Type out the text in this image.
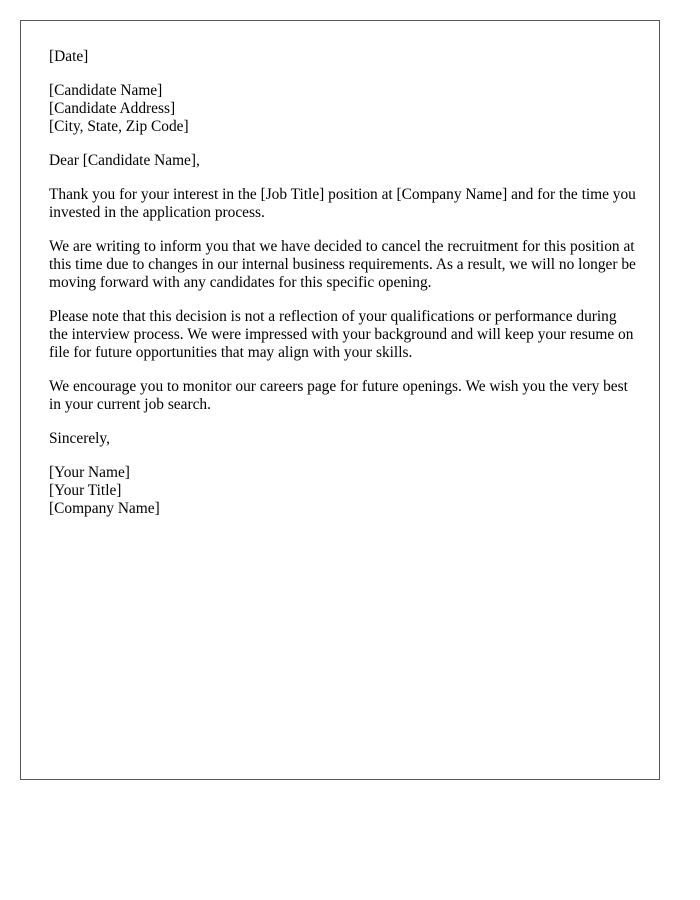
[Date]
[Candidate Name]
[Candidate Address]
[City, State, Zip Code]
Dear [Candidate Name],

Thank you for your interest in the [Job Title] position at [Company Name] and for the time you invested in the application process.

We are writing to inform you that we have decided to cancel the recruitment for this position at this time due to changes in our internal business requirements. As a result, we will no longer be moving forward with any candidates for this specific opening.

Please note that this decision is not a reflection of your qualifications or performance during the interview process. We were impressed with your background and will keep your resume on file for future opportunities that may align with your skills.

We encourage you to monitor our careers page for future openings. We wish you the very best in your current job search.

Sincerely,
[Your Name]
[Your Title]
[Company Name]
